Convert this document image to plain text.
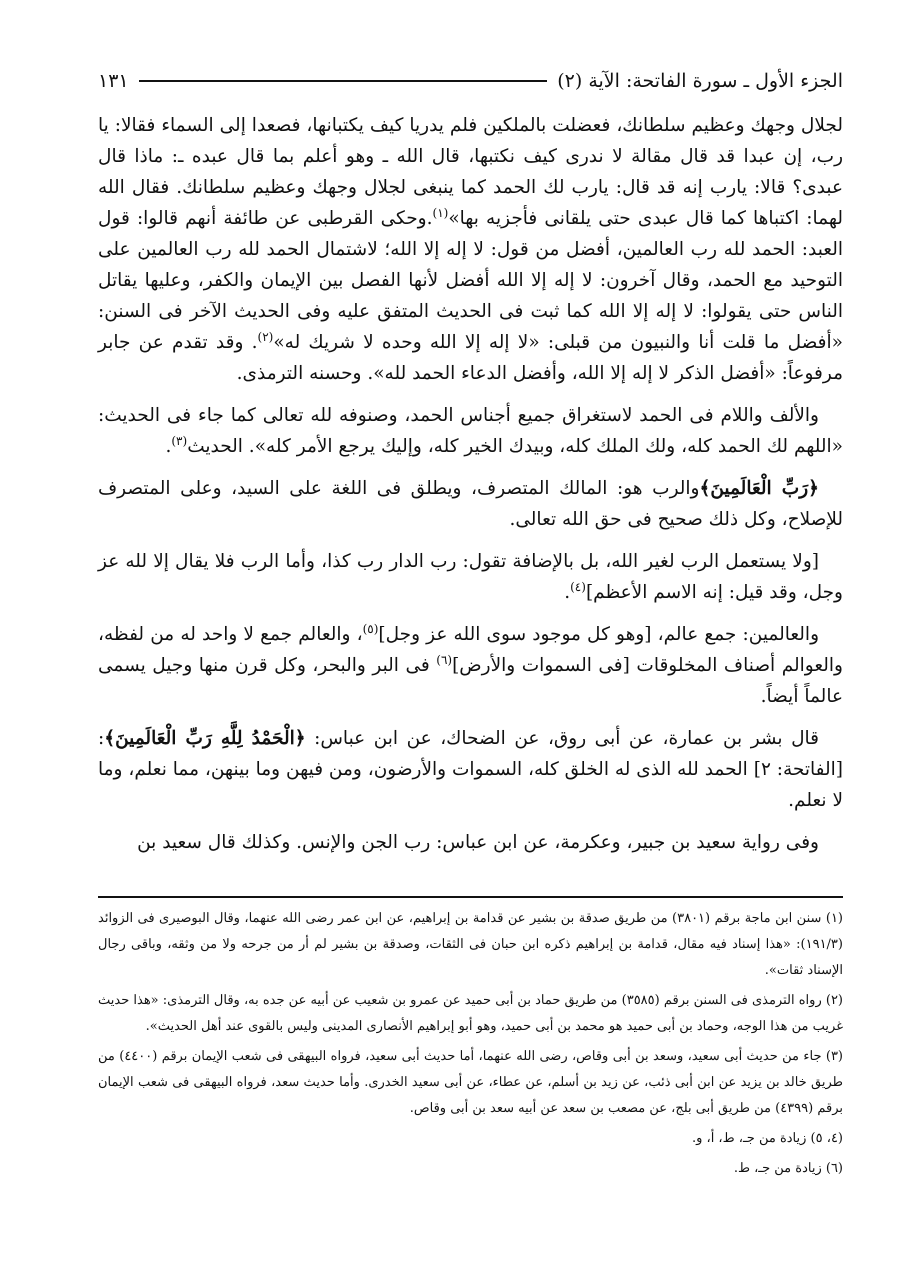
الجزء الأول ـ سورة الفاتحة: الآية (٢)
١٣١

لجلال وجهك وعظيم سلطانك، فعضلت بالملكين فلم يدريا كيف يكتبانها، فصعدا إلى السماء فقالا: يا رب، إن عبدا قد قال مقالة لا ندرى كيف نكتبها، قال الله ـ وهو أعلم بما قال عبده ـ: ماذا قال عبدى؟ قالا: يارب إنه قد قال: يارب لك الحمد كما ينبغى لجلال وجهك وعظيم سلطانك. فقال الله لهما: اكتباها كما قال عبدى حتى يلقانى فأجزيه بها»$^{(١)}$.وحكى القرطبى عن طائفة أنهم قالوا: قول العبد: الحمد لله رب العالمين، أفضل من قول: لا إله إلا الله؛ لاشتمال الحمد لله رب العالمين على التوحيد مع الحمد، وقال آخرون: لا إله إلا الله أفضل لأنها الفصل بين الإيمان والكفر، وعليها يقاتل الناس حتى يقولوا: لا إله إلا الله كما ثبت فى الحديث المتفق عليه وفى الحديث الآخر فى السنن: «أفضل ما قلت أنا والنبيون من قبلى: «لا إله إلا الله وحده لا شريك له»$^{(٢)}$. وقد تقدم عن جابر مرفوعاً: «أفضل الذكر لا إله إلا الله، وأفضل الدعاء الحمد لله». وحسنه الترمذى.

والألف واللام فى الحمد لاستغراق جميع أجناس الحمد، وصنوفه لله تعالى كما جاء فى الحديث: «اللهم لك الحمد كله، ولك الملك كله، وبيدك الخير كله، وإليك يرجع الأمر كله». الحديث$^{(٣)}$.

﴿رَبِّ الْعَالَمِينَ﴾والرب هو: المالك المتصرف، ويطلق فى اللغة على السيد، وعلى المتصرف للإصلاح، وكل ذلك صحيح فى حق الله تعالى.

[ولا يستعمل الرب لغير الله، بل بالإضافة تقول: رب الدار رب كذا، وأما الرب فلا يقال إلا لله عز وجل، وقد قيل: إنه الاسم الأعظم]$^{(٤)}$.

والعالمين: جمع عالم، [وهو كل موجود سوى الله عز وجل]$^{(٥)}$، والعالم جمع لا واحد له من لفظه، والعوالم أصناف المخلوقات [فى السموات والأرض]$^{(٦)}$ فى البر والبحر، وكل قرن منها وجيل يسمى عالماً أيضاً.

قال بشر بن عمارة، عن أبى روق، عن الضحاك، عن ابن عباس: ﴿الْحَمْدُ لِلَّهِ رَبِّ الْعَالَمِينَ﴾: [الفاتحة: ٢] الحمد لله الذى له الخلق كله، السموات والأرضون، ومن فيهن وما بينهن، مما نعلم، وما لا نعلم.

وفى رواية سعيد بن جبير، وعكرمة، عن ابن عباس: رب الجن والإنس. وكذلك قال سعيد بن

(١) سنن ابن ماجة برقم (٣٨٠١) من طريق صدقة بن بشير عن قدامة بن إبراهيم، عن ابن عمر رضى الله عنهما، وقال البوصيرى فى الزوائد (١٩١/٣): «هذا إسناد فيه مقال، قدامة بن إبراهيم ذكره ابن حبان فى الثقات، وصدقة بن بشير لم أر من جرحه ولا من وثقه، وباقى رجال الإسناد ثقات».
(٢) رواه الترمذى فى السنن برقم (٣٥٨٥) من طريق حماد بن أبى حميد عن عمرو بن شعيب عن أبيه عن جده به، وقال الترمذى: «هذا حديث غريب من هذا الوجه، وحماد بن أبى حميد هو محمد بن أبى حميد، وهو أبو إبراهيم الأنصارى المدينى وليس بالقوى عند أهل الحديث».
(٣) جاء من حديث أبى سعيد، وسعد بن أبى وقاص، رضى الله عنهما، أما حديث أبى سعيد، فرواه البيهقى فى شعب الإيمان برقم (٤٤٠٠) من طريق خالد بن يزيد عن ابن أبى ذئب، عن زيد بن أسلم، عن عطاء، عن أبى سعيد الخدرى. وأما حديث سعد، فرواه البيهقى فى شعب الإيمان برقم (٤٣٩٩) من طريق أبى بلج، عن مصعب بن سعد عن أبيه سعد بن أبى وقاص.
(٤، ٥) زيادة من جـ، ط، أ، و.
(٦) زيادة من جـ، ط.
